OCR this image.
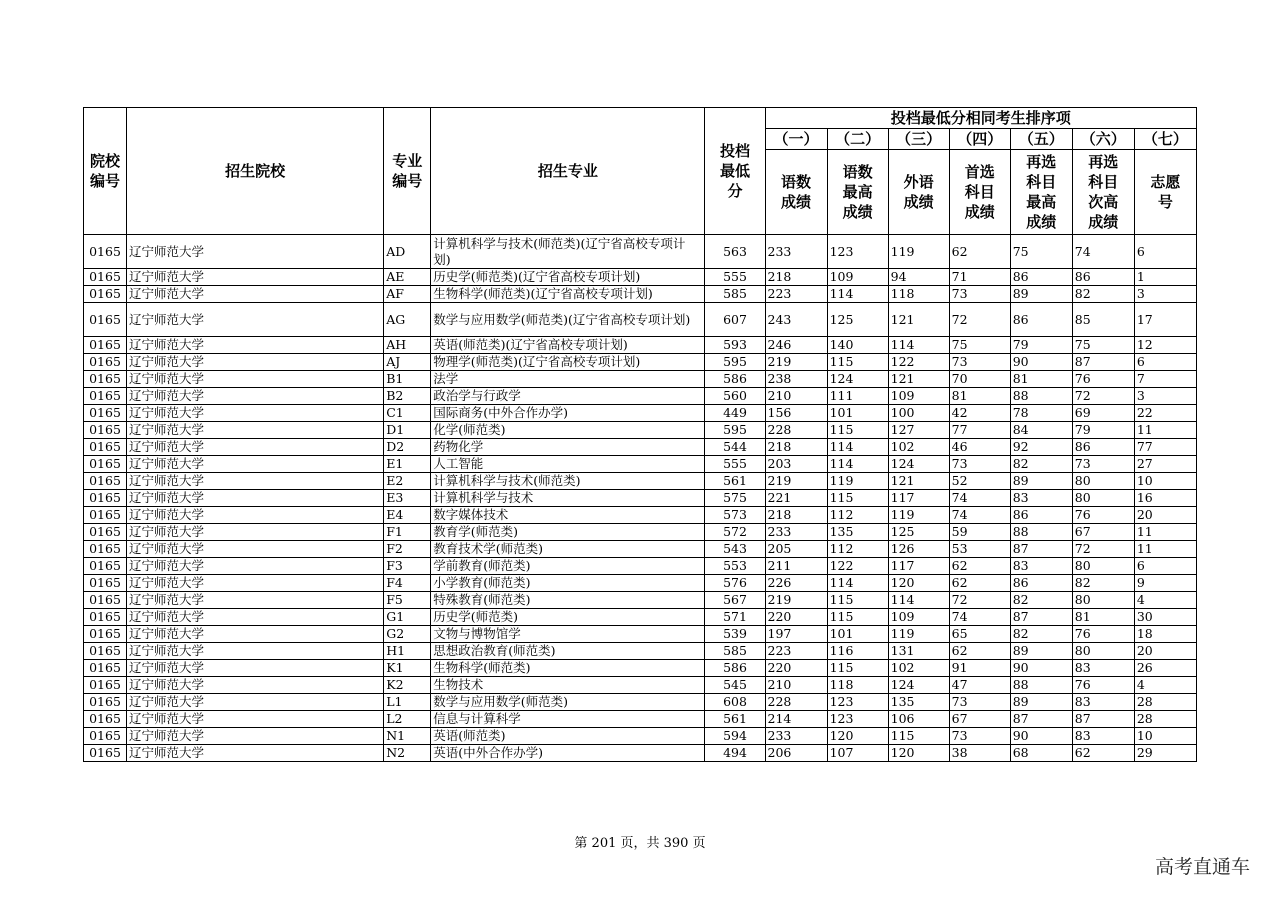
院校编号	招生院校	专业编号	招生专业	投档最低分	投档最低分相同考生排序项						
					（一）	（二）	（三）	（四）	（五）	（六）	（七）
					语数成绩	语数最高成绩	外语成绩	首选科目成绩	再选科目最高成绩	再选科目次高成绩	志愿号
0165	辽宁师范大学	AD	计算机科学与技术(师范类)(辽宁省高校专项计划)	563	233	123	119	62	75	74	6
0165	辽宁师范大学	AE	历史学(师范类)(辽宁省高校专项计划)	555	218	109	94	71	86	86	1
0165	辽宁师范大学	AF	生物科学(师范类)(辽宁省高校专项计划)	585	223	114	118	73	89	82	3
0165	辽宁师范大学	AG	数学与应用数学(师范类)(辽宁省高校专项计划)	607	243	125	121	72	86	85	17
0165	辽宁师范大学	AH	英语(师范类)(辽宁省高校专项计划)	593	246	140	114	75	79	75	12
0165	辽宁师范大学	AJ	物理学(师范类)(辽宁省高校专项计划)	595	219	115	122	73	90	87	6
0165	辽宁师范大学	B1	法学	586	238	124	121	70	81	76	7
0165	辽宁师范大学	B2	政治学与行政学	560	210	111	109	81	88	72	3
0165	辽宁师范大学	C1	国际商务(中外合作办学)	449	156	101	100	42	78	69	22
0165	辽宁师范大学	D1	化学(师范类)	595	228	115	127	77	84	79	11
0165	辽宁师范大学	D2	药物化学	544	218	114	102	46	92	86	77
0165	辽宁师范大学	E1	人工智能	555	203	114	124	73	82	73	27
0165	辽宁师范大学	E2	计算机科学与技术(师范类)	561	219	119	121	52	89	80	10
0165	辽宁师范大学	E3	计算机科学与技术	575	221	115	117	74	83	80	16
0165	辽宁师范大学	E4	数字媒体技术	573	218	112	119	74	86	76	20
0165	辽宁师范大学	F1	教育学(师范类)	572	233	135	125	59	88	67	11
0165	辽宁师范大学	F2	教育技术学(师范类)	543	205	112	126	53	87	72	11
0165	辽宁师范大学	F3	学前教育(师范类)	553	211	122	117	62	83	80	6
0165	辽宁师范大学	F4	小学教育(师范类)	576	226	114	120	62	86	82	9
0165	辽宁师范大学	F5	特殊教育(师范类)	567	219	115	114	72	82	80	4
0165	辽宁师范大学	G1	历史学(师范类)	571	220	115	109	74	87	81	30
0165	辽宁师范大学	G2	文物与博物馆学	539	197	101	119	65	82	76	18
0165	辽宁师范大学	H1	思想政治教育(师范类)	585	223	116	131	62	89	80	20
0165	辽宁师范大学	K1	生物科学(师范类)	586	220	115	102	91	90	83	26
0165	辽宁师范大学	K2	生物技术	545	210	118	124	47	88	76	4
0165	辽宁师范大学	L1	数学与应用数学(师范类)	608	228	123	135	73	89	83	28
0165	辽宁师范大学	L2	信息与计算科学	561	214	123	106	67	87	87	28
0165	辽宁师范大学	N1	英语(师范类)	594	233	120	115	73	90	83	10
0165	辽宁师范大学	N2	英语(中外合作办学)	494	206	107	120	38	68	62	29
第 201 页，共 390 页
高考直通车
